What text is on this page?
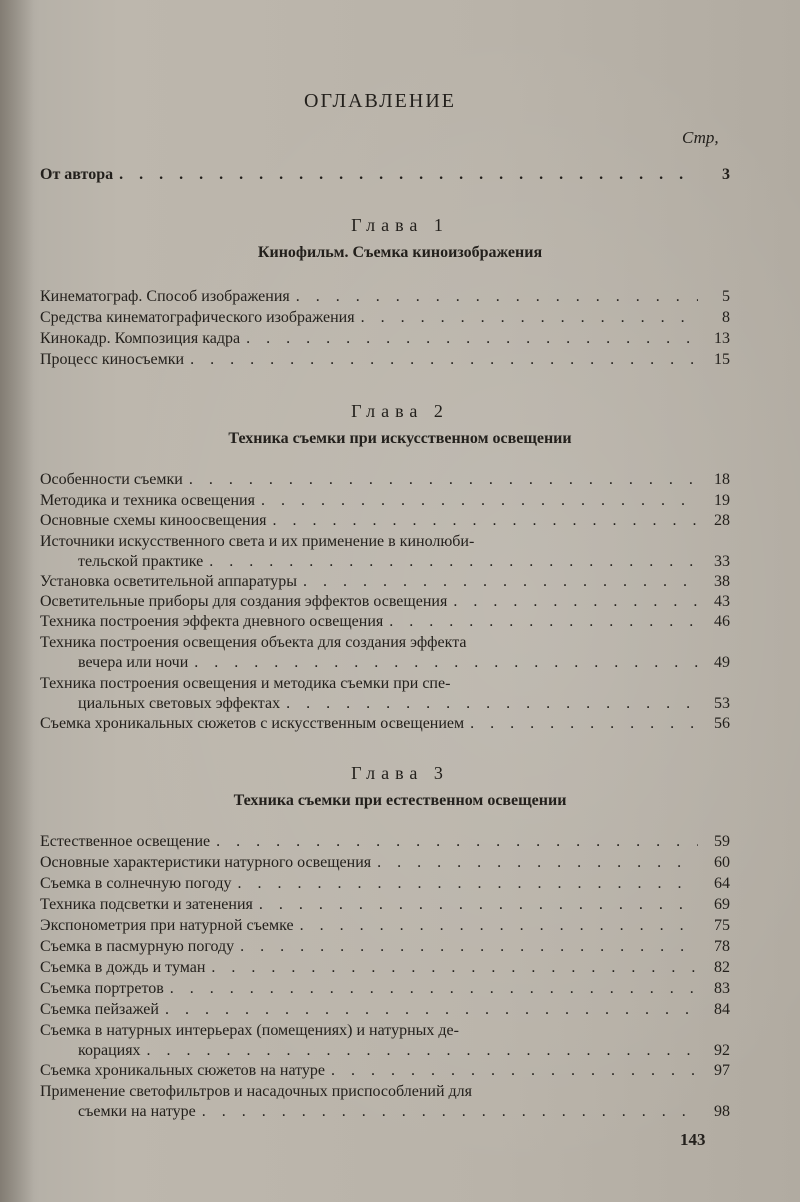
ОГЛАВЛЕНИЕ
Стр,
От автора . . .	3
Глава 1
Кинофильм. Съемка киноизображения
Кинематограф. Способ изображения . . .	5
Средства кинематографического изображения . . .	8
Кинокадр. Композиция кадра . . .	13
Процесс киносъемки . . .	15
Глава 2
Техника съемки при искусственном освещении
Особенности съемки . . .	18
Методика и техника освещения . . .	19
Основные схемы киноосвещения . . .	28
Источники искусственного света и их применение в кинолюби-
тельской практике . . .	33
Установка осветительной аппаратуры . . .	38
Осветительные приборы для создания эффектов освещения . . .	43
Техника построения эффекта дневного освещения . . .	46
Техника построения освещения объекта для создания эффекта
вечера или ночи . . .	49
Техника построения освещения и методика съемки при спе-
циальных световых эффектах . . .	53
Съемка хроникальных сюжетов с искусственным освещением . . .	56
Глава 3
Техника съемки при естественном освещении
Естественное освещение . . .	59
Основные характеристики натурного освещения . . .	60
Съемка в солнечную погоду . . .	64
Техника подсветки и затенения . . .	69
Экспонометрия при натурной съемке . . .	75
Съемка в пасмурную погоду . . .	78
Съемка в дождь и туман . . .	82
Съемка портретов . . .	83
Съемка пейзажей . . .	84
Съемка в натурных интерьерах (помещениях) и натурных де-
корациях . . .	92
Съемка хроникальных сюжетов на натуре . . .	97
Применение светофильтров и насадочных приспособлений для
съемки на натуре . . .	98
143
